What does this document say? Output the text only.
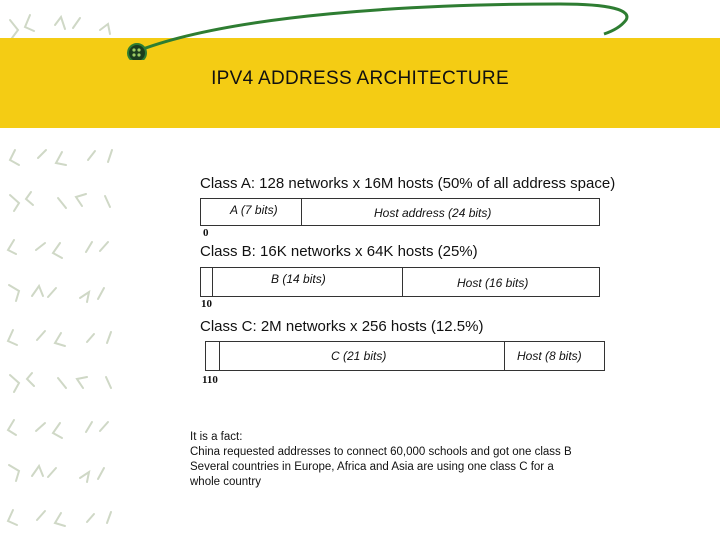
IPV4 ADDRESS ARCHITECTURE
Class A: 128 networks x 16M hosts (50% of all address space)
A (7 bits)	Host address (24 bits)
0
Class B: 16K networks x 64K hosts (25%)
B (14 bits)	Host (16 bits)
10
Class C: 2M networks x 256 hosts (12.5%)
C (21 bits)	Host (8 bits)
110
It is a fact:
China requested addresses to connect 60,000 schools and got one class B
Several countries in Europe, Africa and Asia are using one class C for a
whole country
